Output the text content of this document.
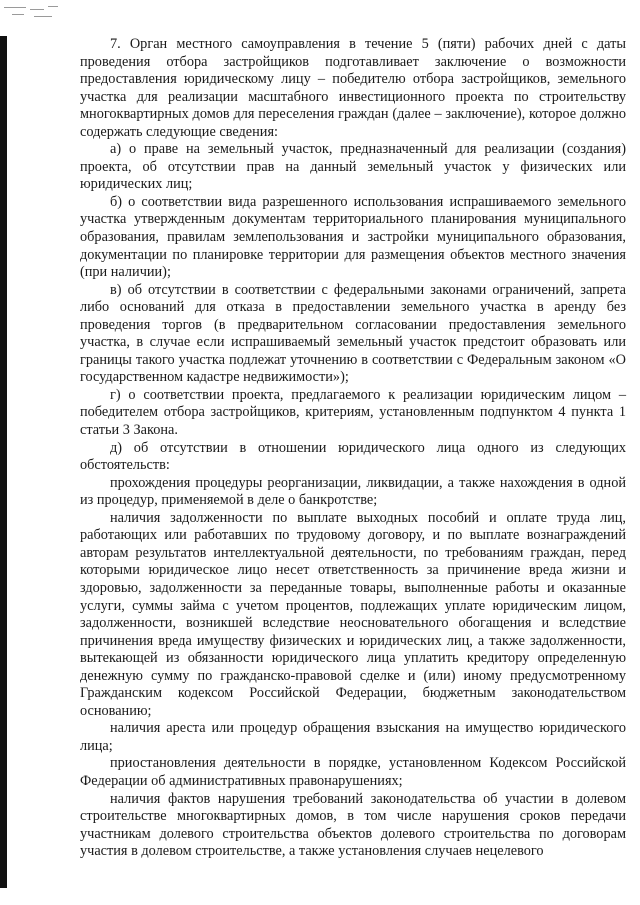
7. Орган местного самоуправления в течение 5 (пяти) рабочих дней с даты проведения отбора застройщиков подготавливает заключение о возможности предоставления юридическому лицу – победителю отбора застройщиков, земельного участка для реализации масштабного инвестиционного проекта по строительству многоквартирных домов для переселения граждан (далее – заключение), которое должно содержать следующие сведения:

а) о праве на земельный участок, предназначенный для реализации (создания) проекта, об отсутствии прав на данный земельный участок у физических или юридических лиц;

б) о соответствии вида разрешенного использования испрашиваемого земельного участка утвержденным документам территориального планирования муниципального образования, правилам землепользования и застройки муниципального образования, документации по планировке территории для размещения объектов местного значения (при наличии);

в) об отсутствии в соответствии с федеральными законами ограничений, запрета либо оснований для отказа в предоставлении земельного участка в аренду без проведения торгов (в предварительном согласовании предоставления земельного участка, в случае если испрашиваемый земельный участок предстоит образовать или границы такого участка подлежат уточнению в соответствии с Федеральным законом «О государственном кадастре недвижимости»);

г) о соответствии проекта, предлагаемого к реализации юридическим лицом – победителем отбора застройщиков, критериям, установленным подпунктом 4 пункта 1 статьи 3 Закона.

д) об отсутствии в отношении юридического лица одного из следующих обстоятельств:

прохождения процедуры реорганизации, ликвидации, а также нахождения в одной из процедур, применяемой в деле о банкротстве;

наличия задолженности по выплате выходных пособий и оплате труда лиц, работающих или работавших по трудовому договору, и по выплате вознаграждений авторам результатов интеллектуальной деятельности, по требованиям граждан, перед которыми юридическое лицо несет ответственность за причинение вреда жизни и здоровью, задолженности за переданные товары, выполненные работы и оказанные услуги, суммы займа с учетом процентов, подлежащих уплате юридическим лицом, задолженности, возникшей вследствие неосновательного обогащения и вследствие причинения вреда имуществу физических и юридических лиц, а также задолженности, вытекающей из обязанности юридического лица уплатить кредитору определенную денежную сумму по гражданско-правовой сделке и (или) иному предусмотренному Гражданским кодексом Российской Федерации, бюджетным законодательством основанию;

наличия ареста или процедур обращения взыскания на имущество юридического лица;

приостановления деятельности в порядке, установленном Кодексом Российской Федерации об административных правонарушениях;

наличия фактов нарушения требований законодательства об участии в долевом строительстве многоквартирных домов, в том числе нарушения сроков передачи участникам долевого строительства объектов долевого строительства по договорам участия в долевом строительстве, а также установления случаев нецелевого
